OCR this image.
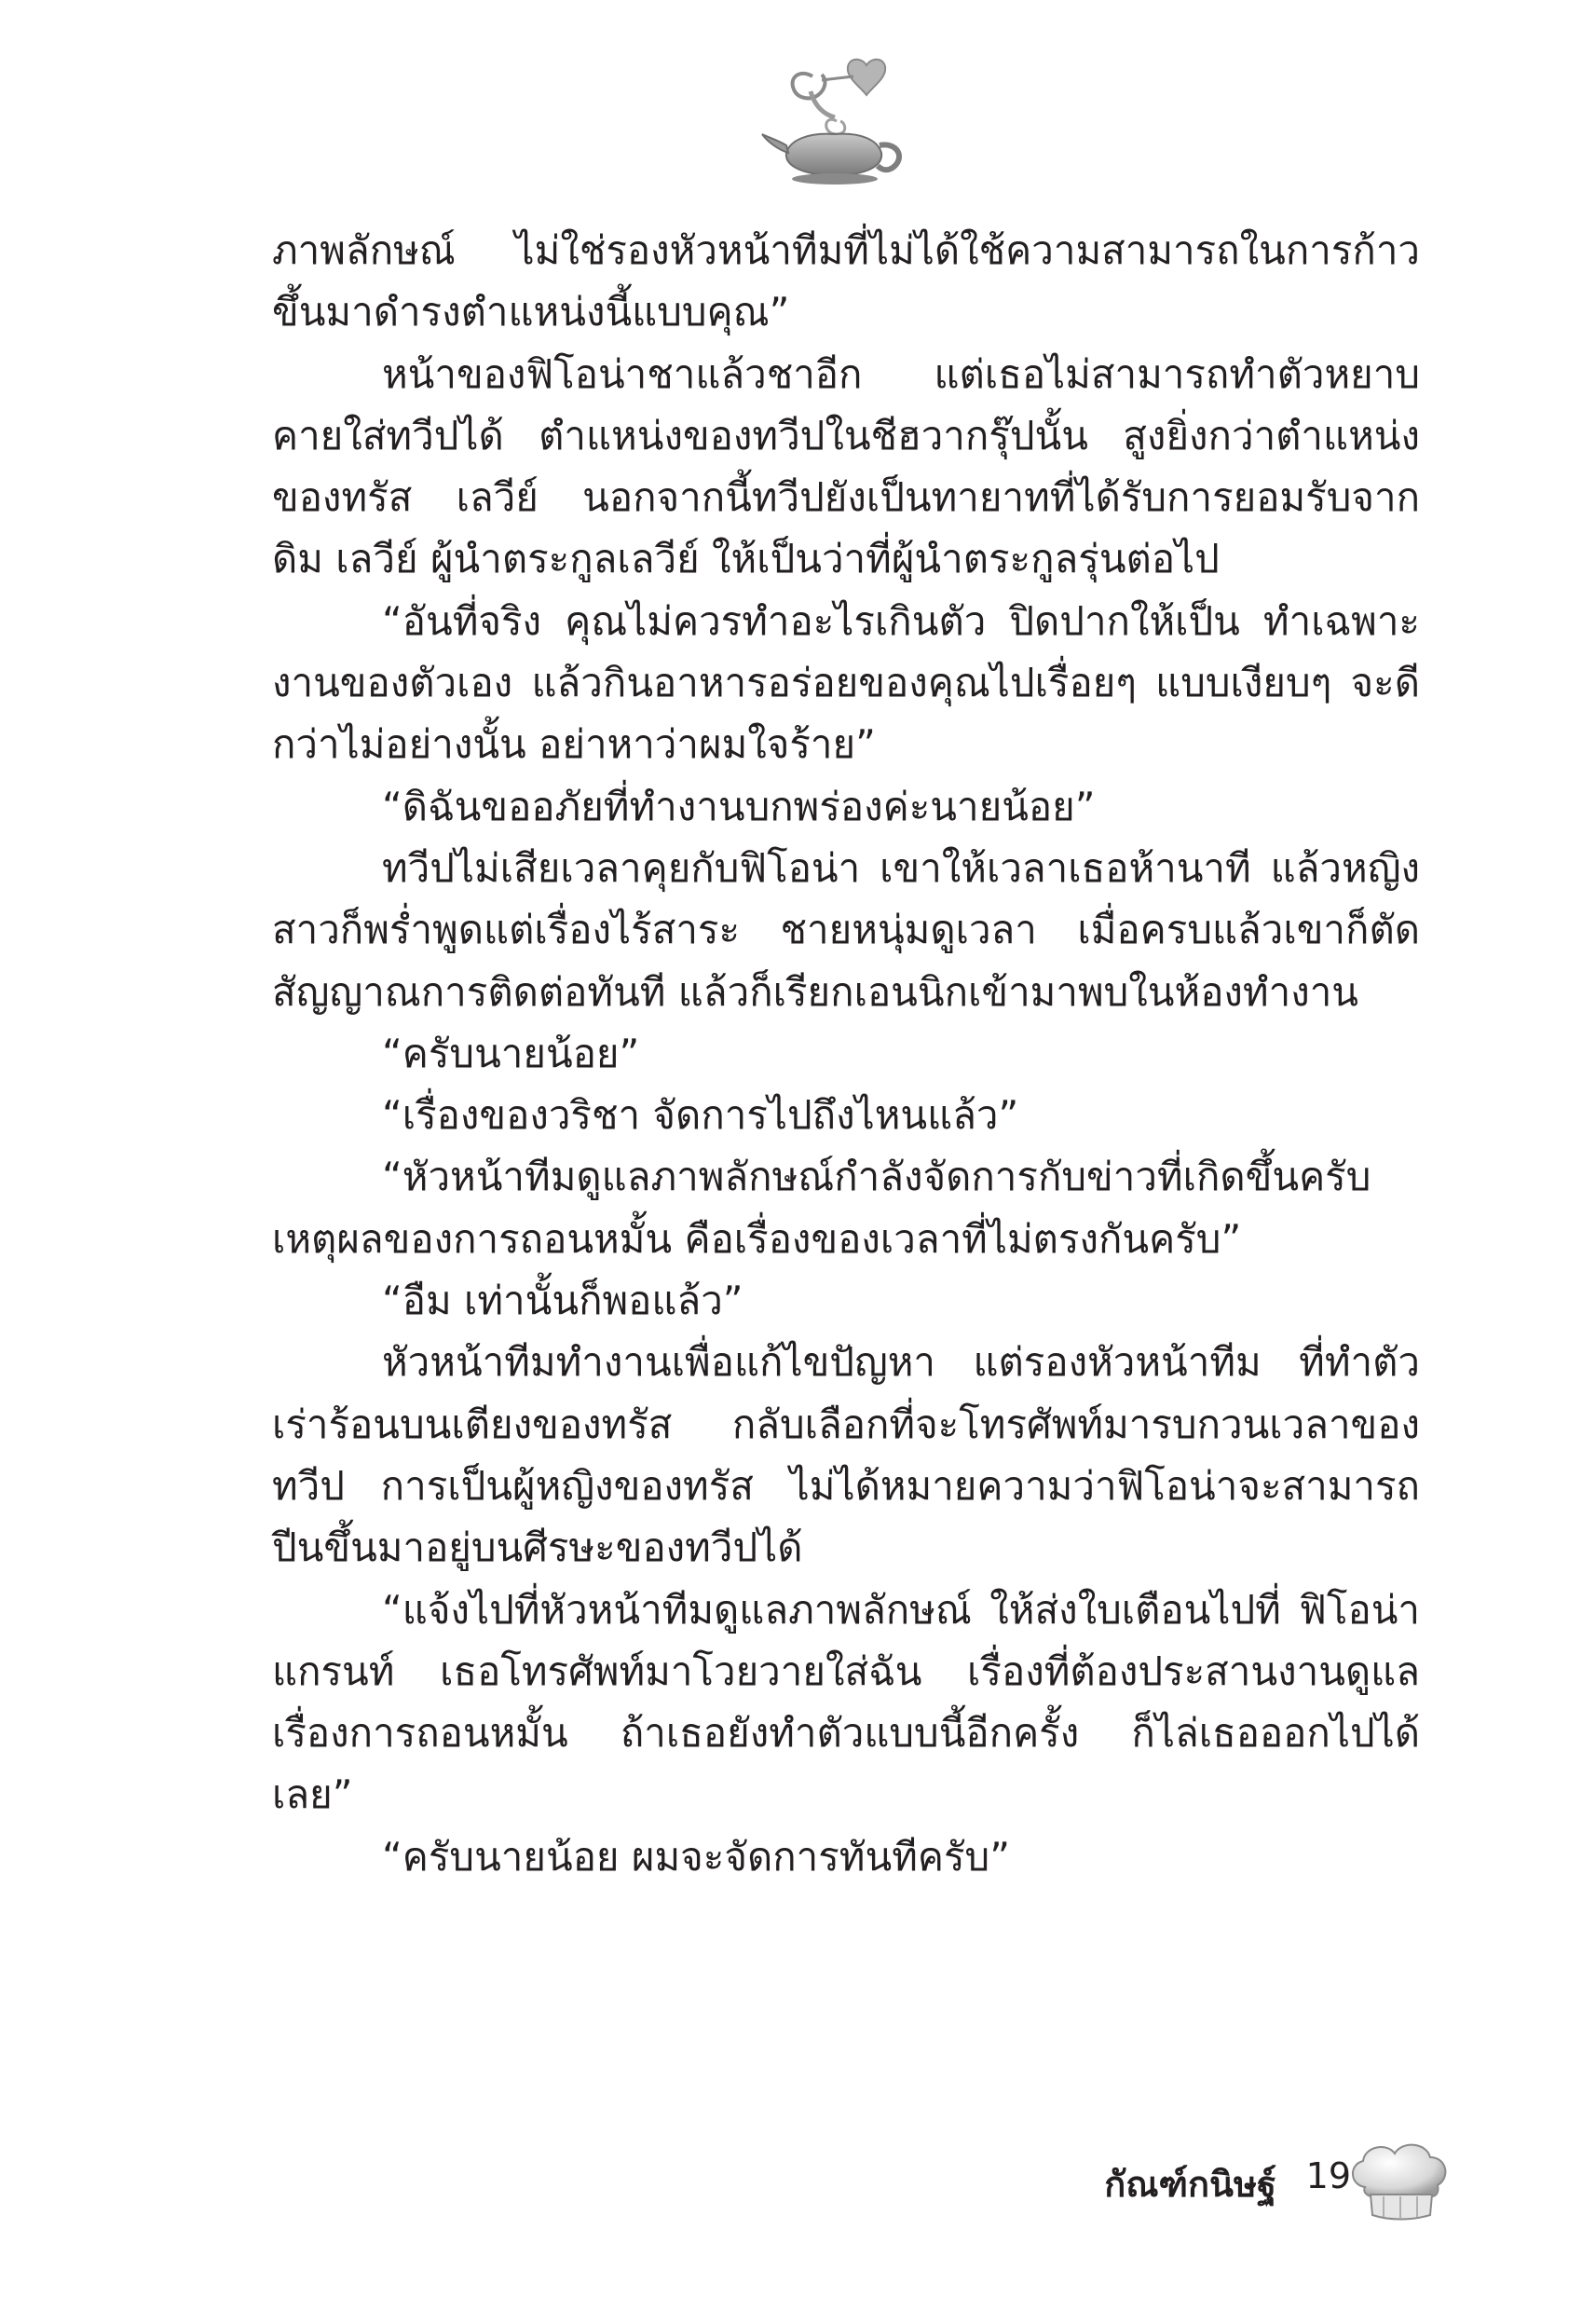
ภาพลักษณ์ ไม่ใช่รองหัวหน้าทีมที่ไม่ได้ใช้ความสามารถในการก้าวขึ้นมาดำรงตำแหน่งนี้แบบคุณ”

หน้าของฟิโอน่าชาแล้วชาอีก แต่เธอไม่สามารถทำตัวหยาบคายใส่ทวีปได้ ตำแหน่งของทวีปในชีฮวากรุ๊ปนั้น สูงยิ่งกว่าตำแหน่งของทรัส เลวีย์ นอกจากนี้ทวีปยังเป็นทายาทที่ได้รับการยอมรับจาก ดิม เลวีย์ ผู้นำตระกูลเลวีย์ ให้เป็นว่าที่ผู้นำตระกูลรุ่นต่อไป

“อันที่จริง คุณไม่ควรทำอะไรเกินตัว ปิดปากให้เป็น ทำเฉพาะงานของตัวเอง แล้วกินอาหารอร่อยของคุณไปเรื่อยๆ แบบเงียบๆ จะดีกว่าไม่อย่างนั้น อย่าหาว่าผมใจร้าย”

“ดิฉันขออภัยที่ทำงานบกพร่องค่ะนายน้อย”

ทวีปไม่เสียเวลาคุยกับฟิโอน่า เขาให้เวลาเธอห้านาที แล้วหญิงสาวก็พร่ำพูดแต่เรื่องไร้สาระ ชายหนุ่มดูเวลา เมื่อครบแล้วเขาก็ตัดสัญญาณการติดต่อทันที แล้วก็เรียกเอนนิกเข้ามาพบในห้องทำงาน

“ครับนายน้อย”

“เรื่องของวริชา จัดการไปถึงไหนแล้ว”

“หัวหน้าทีมดูแลภาพลักษณ์กำลังจัดการกับข่าวที่เกิดขึ้นครับ เหตุผลของการถอนหมั้น คือเรื่องของเวลาที่ไม่ตรงกันครับ”

“อืม เท่านั้นก็พอแล้ว”

หัวหน้าทีมทำงานเพื่อแก้ไขปัญหา แต่รองหัวหน้าทีม ที่ทำตัวเร่าร้อนบนเตียงของทรัส กลับเลือกที่จะโทรศัพท์มารบกวนเวลาของทวีป การเป็นผู้หญิงของทรัส ไม่ได้หมายความว่าฟิโอน่าจะสามารถปีนขึ้นมาอยู่บนศีรษะของทวีปได้

“แจ้งไปที่หัวหน้าทีมดูแลภาพลักษณ์ ให้ส่งใบเตือนไปที่ ฟิโอน่า แกรนท์ เธอโทรศัพท์มาโวยวายใส่ฉัน เรื่องที่ต้องประสานงานดูแลเรื่องการถอนหมั้น ถ้าเธอยังทำตัวแบบนี้อีกครั้ง ก็ไล่เธอออกไปได้เลย”

“ครับนายน้อย ผมจะจัดการทันทีครับ”

กัณฑ์กนิษฐ์ 19
